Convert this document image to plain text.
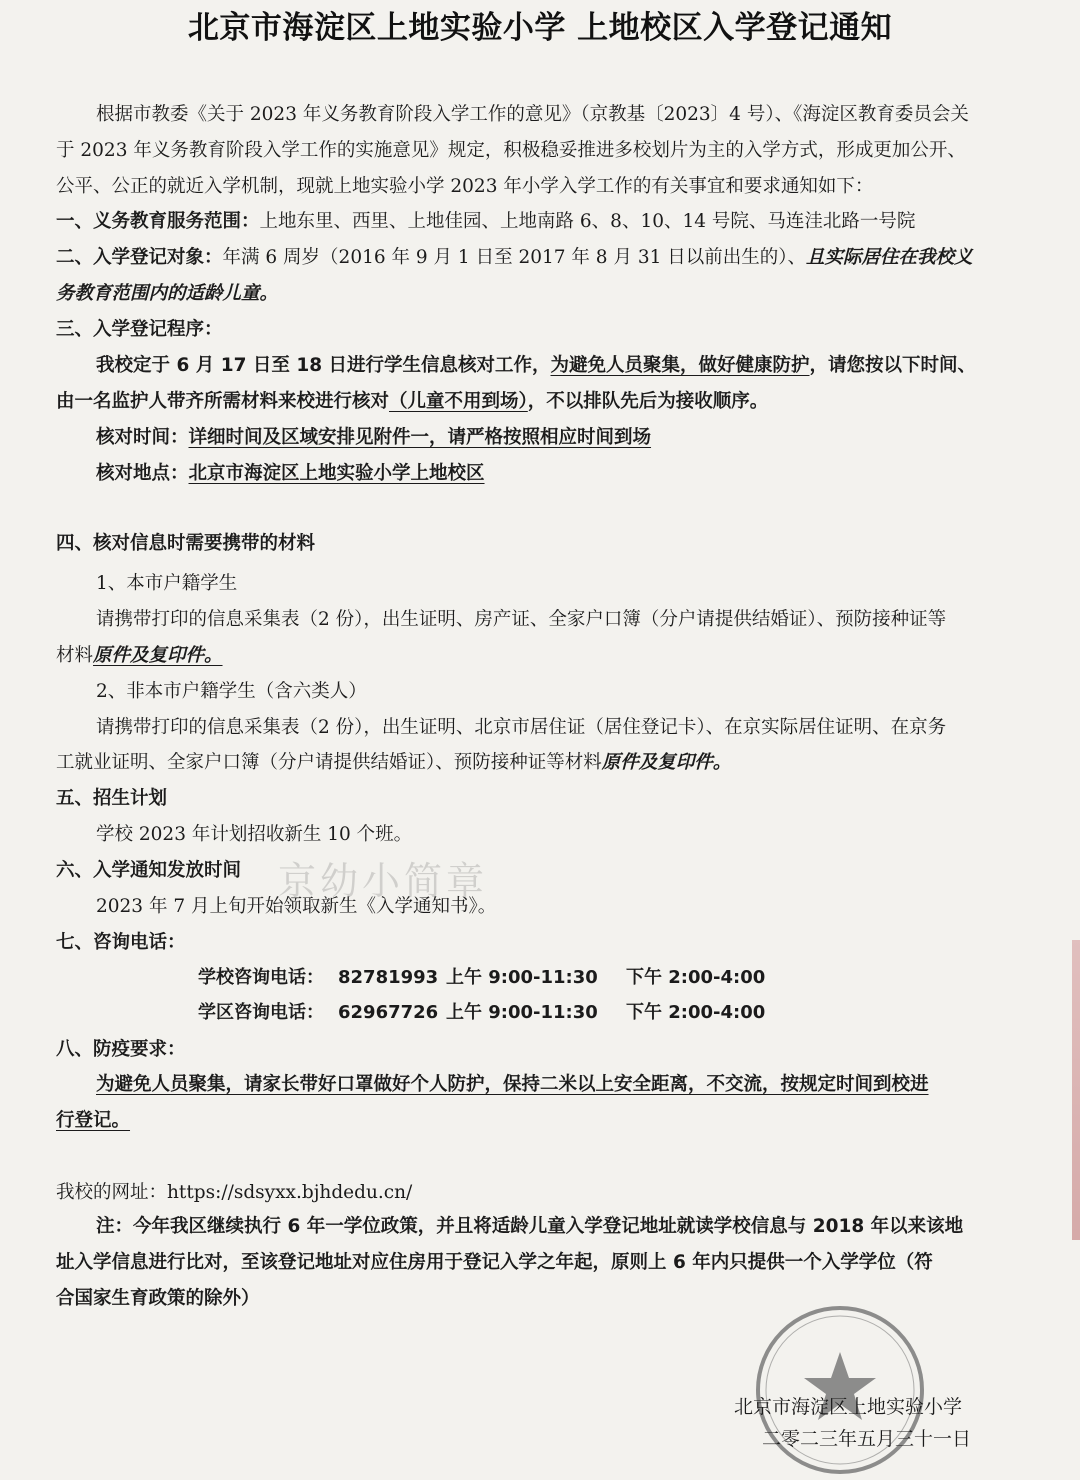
北京市海淀区上地实验小学 上地校区入学登记通知
根据市教委《关于 2023 年义务教育阶段入学工作的意见》（京教基〔2023〕4 号）、《海淀区教育委员会关
于 2023 年义务教育阶段入学工作的实施意见》规定，积极稳妥推进多校划片为主的入学方式，形成更加公开、
公平、公正的就近入学机制，现就上地实验小学 2023 年小学入学工作的有关事宜和要求通知如下：
一、义务教育服务范围：上地东里、西里、上地佳园、上地南路 6、8、10、14 号院、马连洼北路一号院
二、入学登记对象：年满 6 周岁（2016 年 9 月 1 日至 2017 年 8 月 31 日以前出生的）、且实际居住在我校义
务教育范围内的适龄儿童。
三、入学登记程序：
我校定于 6 月 17 日至 18 日进行学生信息核对工作，为避免人员聚集，做好健康防护，请您按以下时间、
由一名监护人带齐所需材料来校进行核对（儿童不用到场），不以排队先后为接收顺序。
核对时间：详细时间及区域安排见附件一，请严格按照相应时间到场
核对地点：北京市海淀区上地实验小学上地校区
四、核对信息时需要携带的材料
1、本市户籍学生
请携带打印的信息采集表（2 份），出生证明、房产证、全家户口簿（分户请提供结婚证）、预防接种证等
材料原件及复印件。
2、非本市户籍学生（含六类人）
请携带打印的信息采集表（2 份），出生证明、北京市居住证（居住登记卡）、在京实际居住证明、在京务
工就业证明、全家户口簿（分户请提供结婚证）、预防接种证等材料原件及复印件。
五、招生计划
学校 2023 年计划招收新生 10 个班。
六、入学通知发放时间
2023 年 7 月上旬开始领取新生《入学通知书》。
七、咨询电话：
学校咨询电话： 82781993 上午 9:00-11:30 下午 2:00-4:00
学区咨询电话： 62967726 上午 9:00-11:30 下午 2:00-4:00
八、防疫要求：
为避免人员聚集，请家长带好口罩做好个人防护，保持二米以上安全距离，不交流，按规定时间到校进
行登记。
我校的网址：https://sdsyxx.bjhdedu.cn/
注：今年我区继续执行 6 年一学位政策，并且将适龄儿童入学登记地址就读学校信息与 2018 年以来该地
址入学信息进行比对，至该登记地址对应住房用于登记入学之年起，原则上 6 年内只提供一个入学学位（符
合国家生育政策的除外）
京幼小简章
北京市海淀区上地实验小学
二零二三年五月三十一日
